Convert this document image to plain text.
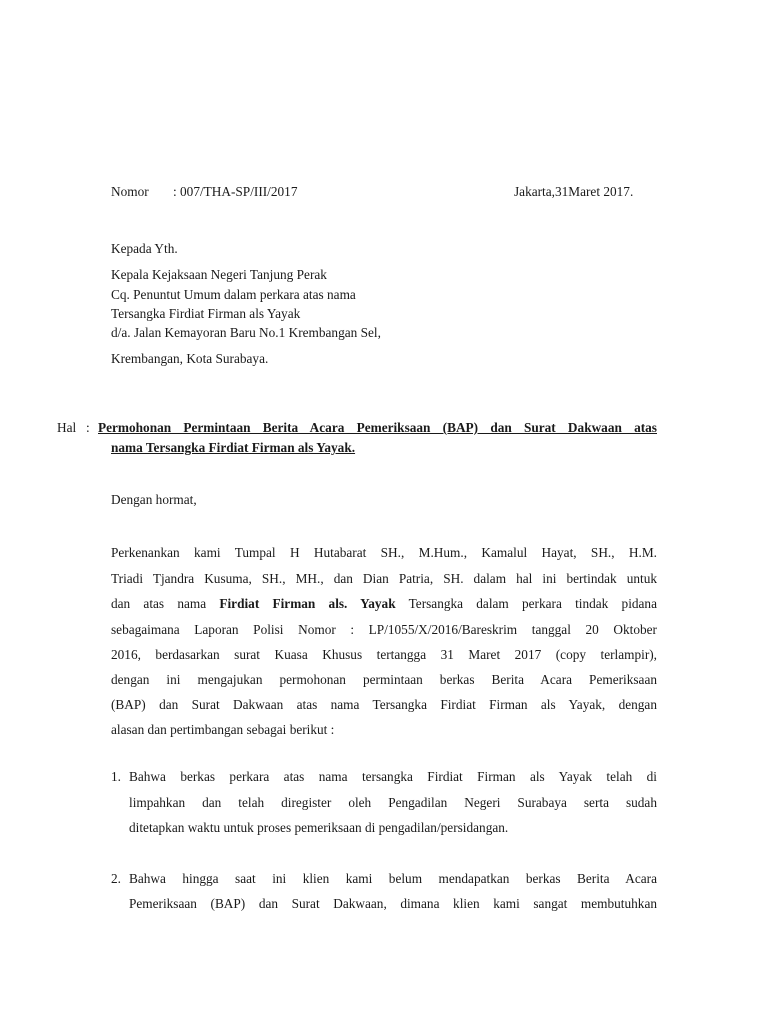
Nomor : 007/THA-SP/III/2017	Jakarta,31Maret 2017.
Kepada Yth.
Kepala Kejaksaan Negeri Tanjung Perak
Cq. Penuntut Umum dalam perkara atas nama
Tersangka Firdiat Firman als Yayak
d/a. Jalan Kemayoran Baru No.1 Krembangan Sel,
Krembangan, Kota Surabaya.
Hal : Permohonan Permintaan Berita Acara Pemeriksaan (BAP) dan Surat Dakwaan atas
nama Tersangka Firdiat Firman als Yayak.
Dengan hormat,
Perkenankan kami Tumpal H Hutabarat SH., M.Hum., Kamalul Hayat, SH., H.M.
Triadi Tjandra Kusuma, SH., MH., dan Dian Patria, SH. dalam hal ini bertindak untuk
dan atas nama Firdiat Firman als. Yayak Tersangka dalam perkara tindak pidana
sebagaimana Laporan Polisi Nomor : LP/1055/X/2016/Bareskrim tanggal 20 Oktober
2016, berdasarkan surat Kuasa Khusus tertangga 31 Maret 2017 (copy terlampir),
dengan ini mengajukan permohonan permintaan berkas Berita Acara Pemeriksaan
(BAP) dan Surat Dakwaan atas nama Tersangka Firdiat Firman als Yayak, dengan
alasan dan pertimbangan sebagai berikut :
1. Bahwa berkas perkara atas nama tersangka Firdiat Firman als Yayak telah di
limpahkan dan telah diregister oleh Pengadilan Negeri Surabaya serta sudah
ditetapkan waktu untuk proses pemeriksaan di pengadilan/persidangan.
2. Bahwa hingga saat ini klien kami belum mendapatkan berkas Berita Acara
Pemeriksaan (BAP) dan Surat Dakwaan, dimana klien kami sangat membutuhkan
